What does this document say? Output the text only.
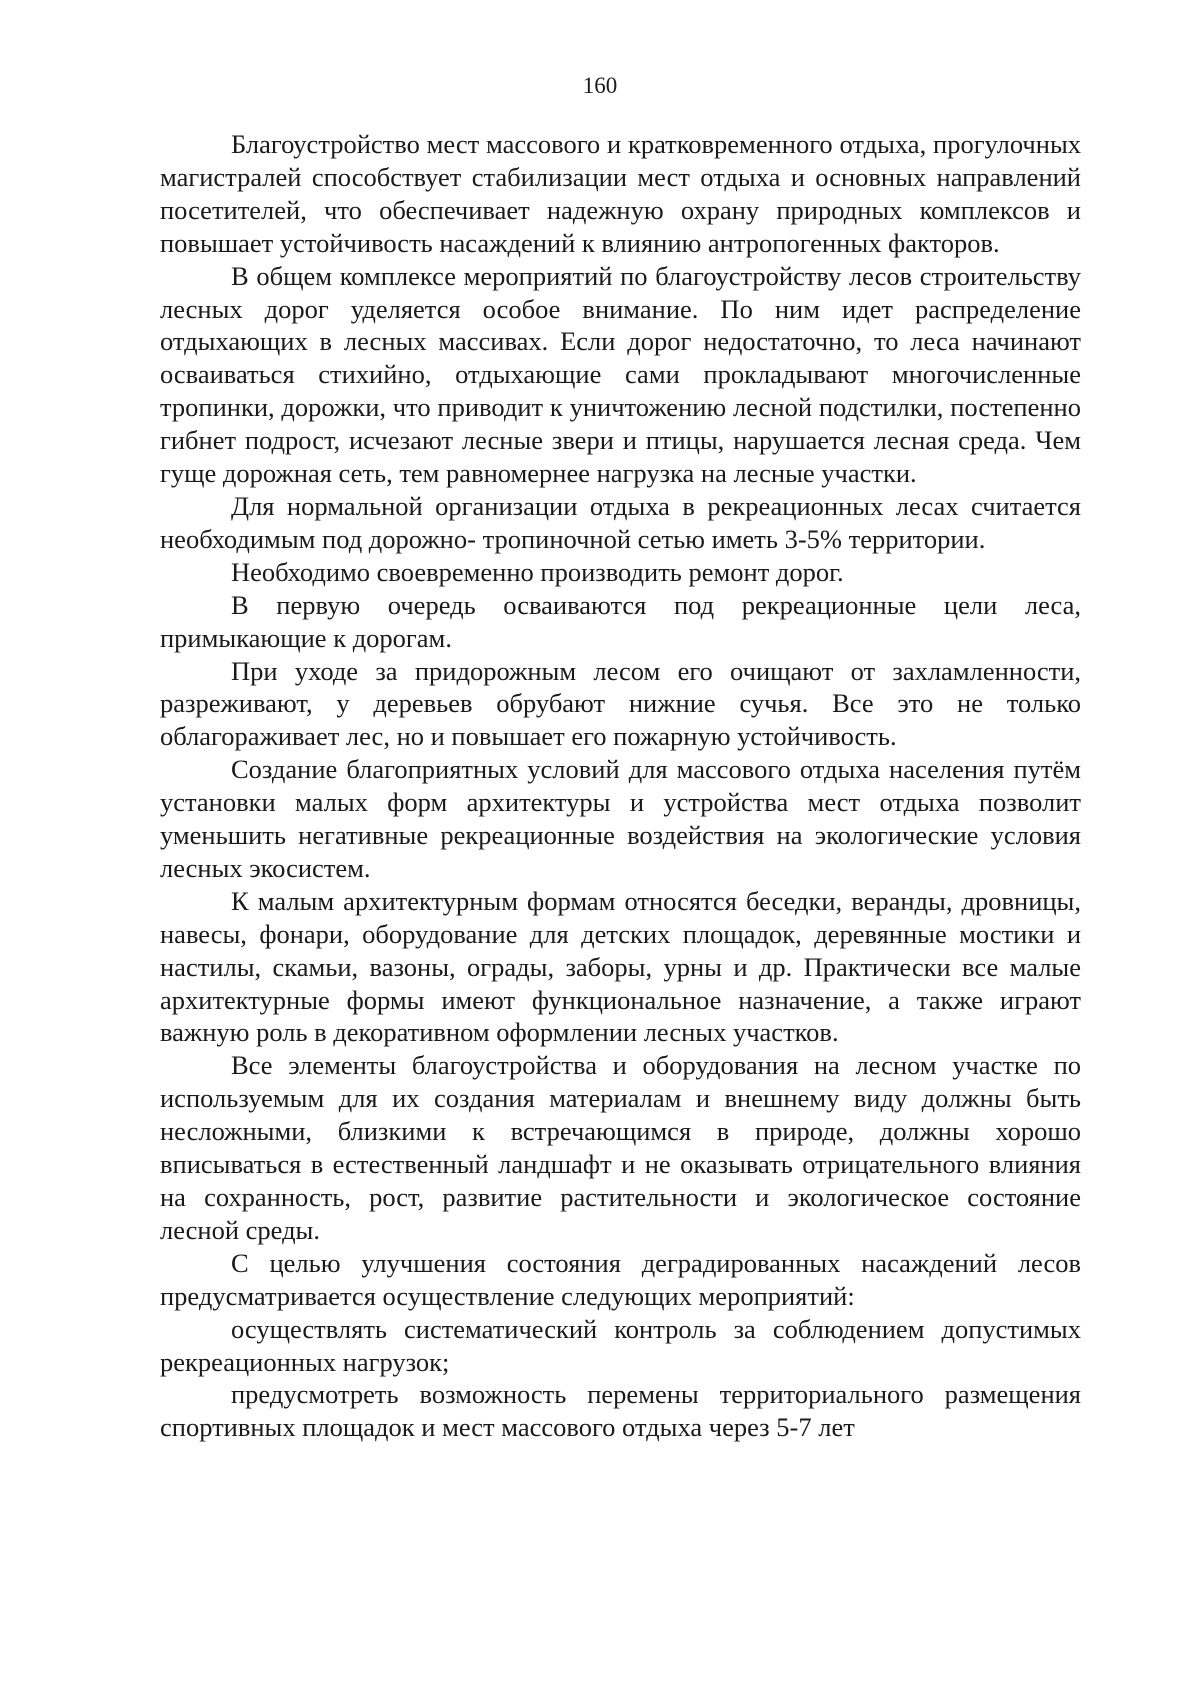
160

Благоустройство мест массового и кратковременного отдыха, прогулочных магистралей способствует стабилизации мест отдыха и основных направлений посетителей, что обеспечивает надежную охрану природных комплексов и повышает устойчивость насаждений к влиянию антропогенных факторов.

В общем комплексе мероприятий по благоустройству лесов строительству лесных дорог уделяется особое внимание. По ним идет распределение отдыхающих в лесных массивах. Если дорог недостаточно, то леса начинают осваиваться стихийно, отдыхающие сами прокладывают многочисленные тропинки, дорожки, что приводит к уничтожению лесной подстилки, постепенно гибнет подрост, исчезают лесные звери и птицы, нарушается лесная среда. Чем гуще дорожная сеть, тем равномернее нагрузка на лесные участки.

Для нормальной организации отдыха в рекреационных лесах считается необходимым под дорожно- тропиночной сетью иметь 3-5% территории.

Необходимо своевременно производить ремонт дорог.

В первую очередь осваиваются под рекреационные цели леса, примыкающие к дорогам.

При уходе за придорожным лесом его очищают от захламленности, разреживают, у деревьев обрубают нижние сучья. Все это не только облагораживает лес, но и повышает его пожарную устойчивость.

Создание благоприятных условий для массового отдыха населения путём установки малых форм архитектуры и устройства мест отдыха позволит уменьшить негативные рекреационные воздействия на экологические условия лесных экосистем.

К малым архитектурным формам относятся беседки, веранды, дровницы, навесы, фонари, оборудование для детских площадок, деревянные мостики и настилы, скамьи, вазоны, ограды, заборы, урны и др. Практически все малые архитектурные формы имеют функциональное назначение, а также играют важную роль в декоративном оформлении лесных участков.

Все элементы благоустройства и оборудования на лесном участке по используемым для их создания материалам и внешнему виду должны быть несложными, близкими к встречающимся в природе, должны хорошо вписываться в естественный ландшафт и не оказывать отрицательного влияния на сохранность, рост, развитие растительности и экологическое состояние лесной среды.

С целью улучшения состояния деградированных насаждений лесов предусматривается осуществление следующих мероприятий:

осуществлять систематический контроль за соблюдением допустимых рекреационных нагрузок;

предусмотреть возможность перемены территориального размещения спортивных площадок и мест массового отдыха через 5-7 лет
